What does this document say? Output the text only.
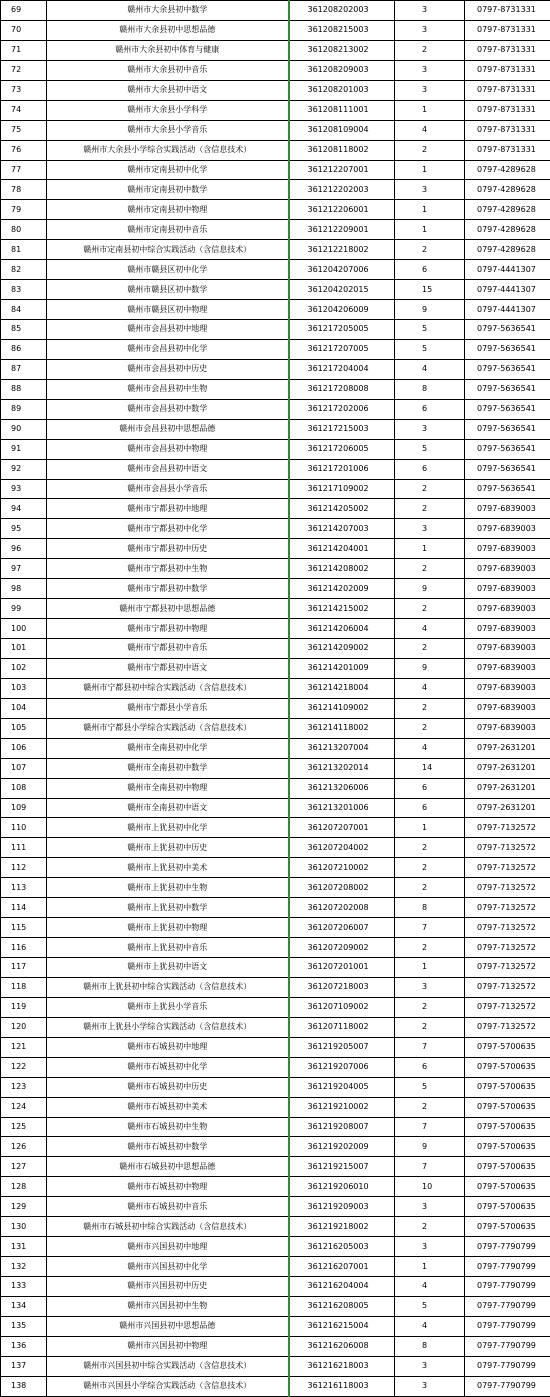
69	赣州市大余县初中数学	361208202003	3	0797-8731331
70	赣州市大余县初中思想品德	361208215003	3	0797-8731331
71	赣州市大余县初中体育与健康	361208213002	2	0797-8731331
72	赣州市大余县初中音乐	361208209003	3	0797-8731331
73	赣州市大余县初中语文	361208201003	3	0797-8731331
74	赣州市大余县小学科学	361208111001	1	0797-8731331
75	赣州市大余县小学音乐	361208109004	4	0797-8731331
76	赣州市大余县小学综合实践活动（含信息技术）	361208118002	2	0797-8731331
77	赣州市定南县初中化学	361212207001	1	0797-4289628
78	赣州市定南县初中数学	361212202003	3	0797-4289628
79	赣州市定南县初中物理	361212206001	1	0797-4289628
80	赣州市定南县初中音乐	361212209001	1	0797-4289628
81	赣州市定南县初中综合实践活动（含信息技术）	361212218002	2	0797-4289628
82	赣州市赣县区初中化学	361204207006	6	0797-4441307
83	赣州市赣县区初中数学	361204202015	15	0797-4441307
84	赣州市赣县区初中物理	361204206009	9	0797-4441307
85	赣州市会昌县初中地理	361217205005	5	0797-5636541
86	赣州市会昌县初中化学	361217207005	5	0797-5636541
87	赣州市会昌县初中历史	361217204004	4	0797-5636541
88	赣州市会昌县初中生物	361217208008	8	0797-5636541
89	赣州市会昌县初中数学	361217202006	6	0797-5636541
90	赣州市会昌县初中思想品德	361217215003	3	0797-5636541
91	赣州市会昌县初中物理	361217206005	5	0797-5636541
92	赣州市会昌县初中语文	361217201006	6	0797-5636541
93	赣州市会昌县小学音乐	361217109002	2	0797-5636541
94	赣州市宁都县初中地理	361214205002	2	0797-6839003
95	赣州市宁都县初中化学	361214207003	3	0797-6839003
96	赣州市宁都县初中历史	361214204001	1	0797-6839003
97	赣州市宁都县初中生物	361214208002	2	0797-6839003
98	赣州市宁都县初中数学	361214202009	9	0797-6839003
99	赣州市宁都县初中思想品德	361214215002	2	0797-6839003
100	赣州市宁都县初中物理	361214206004	4	0797-6839003
101	赣州市宁都县初中音乐	361214209002	2	0797-6839003
102	赣州市宁都县初中语文	361214201009	9	0797-6839003
103	赣州市宁都县初中综合实践活动（含信息技术）	361214218004	4	0797-6839003
104	赣州市宁都县小学音乐	361214109002	2	0797-6839003
105	赣州市宁都县小学综合实践活动（含信息技术）	361214118002	2	0797-6839003
106	赣州市全南县初中化学	361213207004	4	0797-2631201
107	赣州市全南县初中数学	361213202014	14	0797-2631201
108	赣州市全南县初中物理	361213206006	6	0797-2631201
109	赣州市全南县初中语文	361213201006	6	0797-2631201
110	赣州市上犹县初中化学	361207207001	1	0797-7132572
111	赣州市上犹县初中历史	361207204002	2	0797-7132572
112	赣州市上犹县初中美术	361207210002	2	0797-7132572
113	赣州市上犹县初中生物	361207208002	2	0797-7132572
114	赣州市上犹县初中数学	361207202008	8	0797-7132572
115	赣州市上犹县初中物理	361207206007	7	0797-7132572
116	赣州市上犹县初中音乐	361207209002	2	0797-7132572
117	赣州市上犹县初中语文	361207201001	1	0797-7132572
118	赣州市上犹县初中综合实践活动（含信息技术）	361207218003	3	0797-7132572
119	赣州市上犹县小学音乐	361207109002	2	0797-7132572
120	赣州市上犹县小学综合实践活动（含信息技术）	361207118002	2	0797-7132572
121	赣州市石城县初中地理	361219205007	7	0797-5700635
122	赣州市石城县初中化学	361219207006	6	0797-5700635
123	赣州市石城县初中历史	361219204005	5	0797-5700635
124	赣州市石城县初中美术	361219210002	2	0797-5700635
125	赣州市石城县初中生物	361219208007	7	0797-5700635
126	赣州市石城县初中数学	361219202009	9	0797-5700635
127	赣州市石城县初中思想品德	361219215007	7	0797-5700635
128	赣州市石城县初中物理	361219206010	10	0797-5700635
129	赣州市石城县初中音乐	361219209003	3	0797-5700635
130	赣州市石城县初中综合实践活动（含信息技术）	361219218002	2	0797-5700635
131	赣州市兴国县初中地理	361216205003	3	0797-7790799
132	赣州市兴国县初中化学	361216207001	1	0797-7790799
133	赣州市兴国县初中历史	361216204004	4	0797-7790799
134	赣州市兴国县初中生物	361216208005	5	0797-7790799
135	赣州市兴国县初中思想品德	361216215004	4	0797-7790799
136	赣州市兴国县初中物理	361216206008	8	0797-7790799
137	赣州市兴国县初中综合实践活动（含信息技术）	361216218003	3	0797-7790799
138	赣州市兴国县小学综合实践活动（含信息技术）	361216118003	3	0797-7790799
